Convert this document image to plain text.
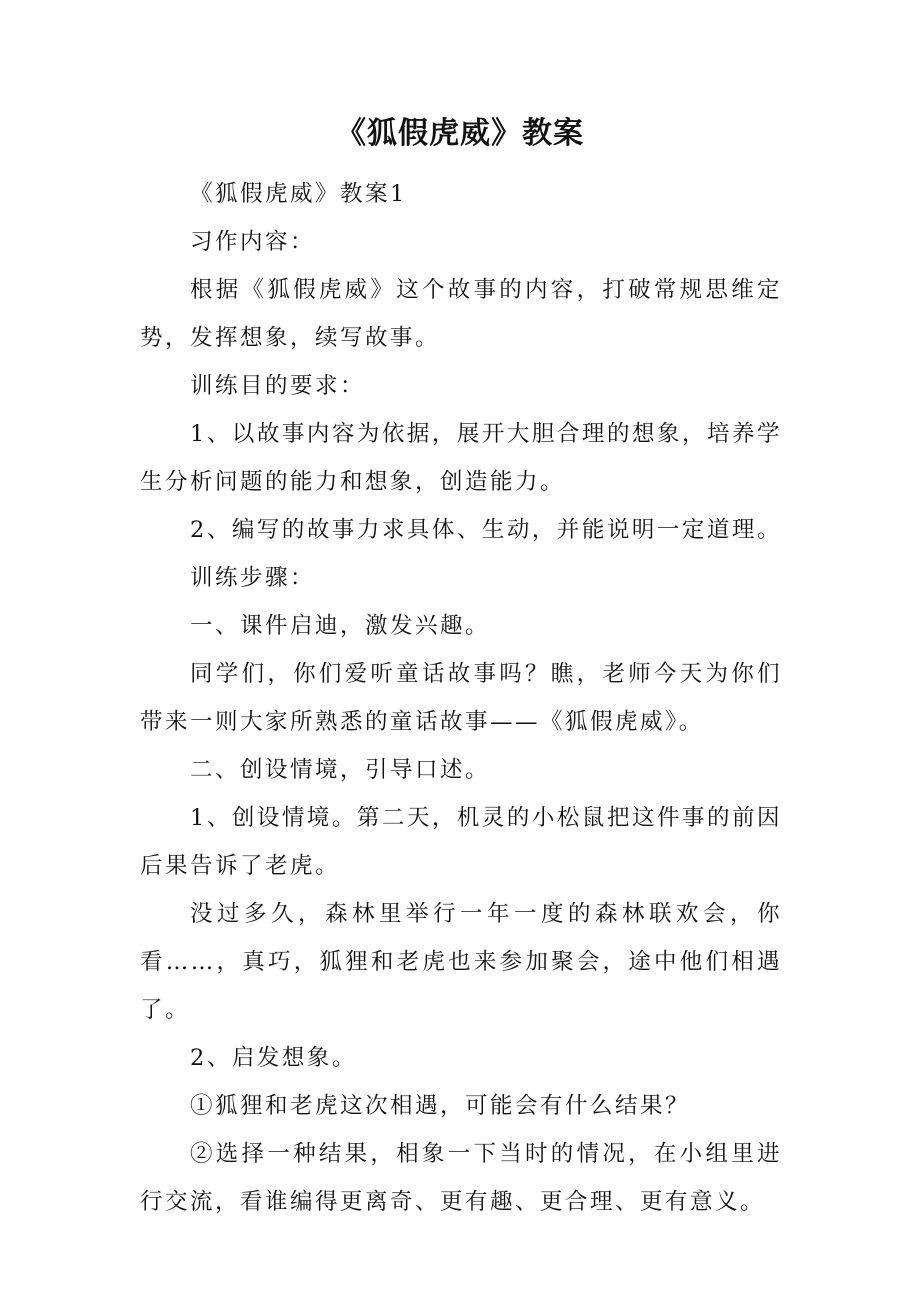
《狐假虎威》教案

《狐假虎威》教案1

习作内容：

根据《狐假虎威》这个故事的内容，打破常规思维定势，发挥想象，续写故事。

训练目的要求：

1、以故事内容为依据，展开大胆合理的想象，培养学生分析问题的能力和想象，创造能力。

2、编写的故事力求具体、生动，并能说明一定道理。

训练步骤：

一、课件启迪，激发兴趣。

同学们，你们爱听童话故事吗？瞧，老师今天为你们带来一则大家所熟悉的童话故事——《狐假虎威》。

二、创设情境，引导口述。

1、创设情境。第二天，机灵的小松鼠把这件事的前因后果告诉了老虎。

没过多久，森林里举行一年一度的森林联欢会，你看……，真巧，狐狸和老虎也来参加聚会，途中他们相遇了。

2、启发想象。

①狐狸和老虎这次相遇，可能会有什么结果？

②选择一种结果，相象一下当时的情况，在小组里进行交流，看谁编得更离奇、更有趣、更合理、更有意义。
